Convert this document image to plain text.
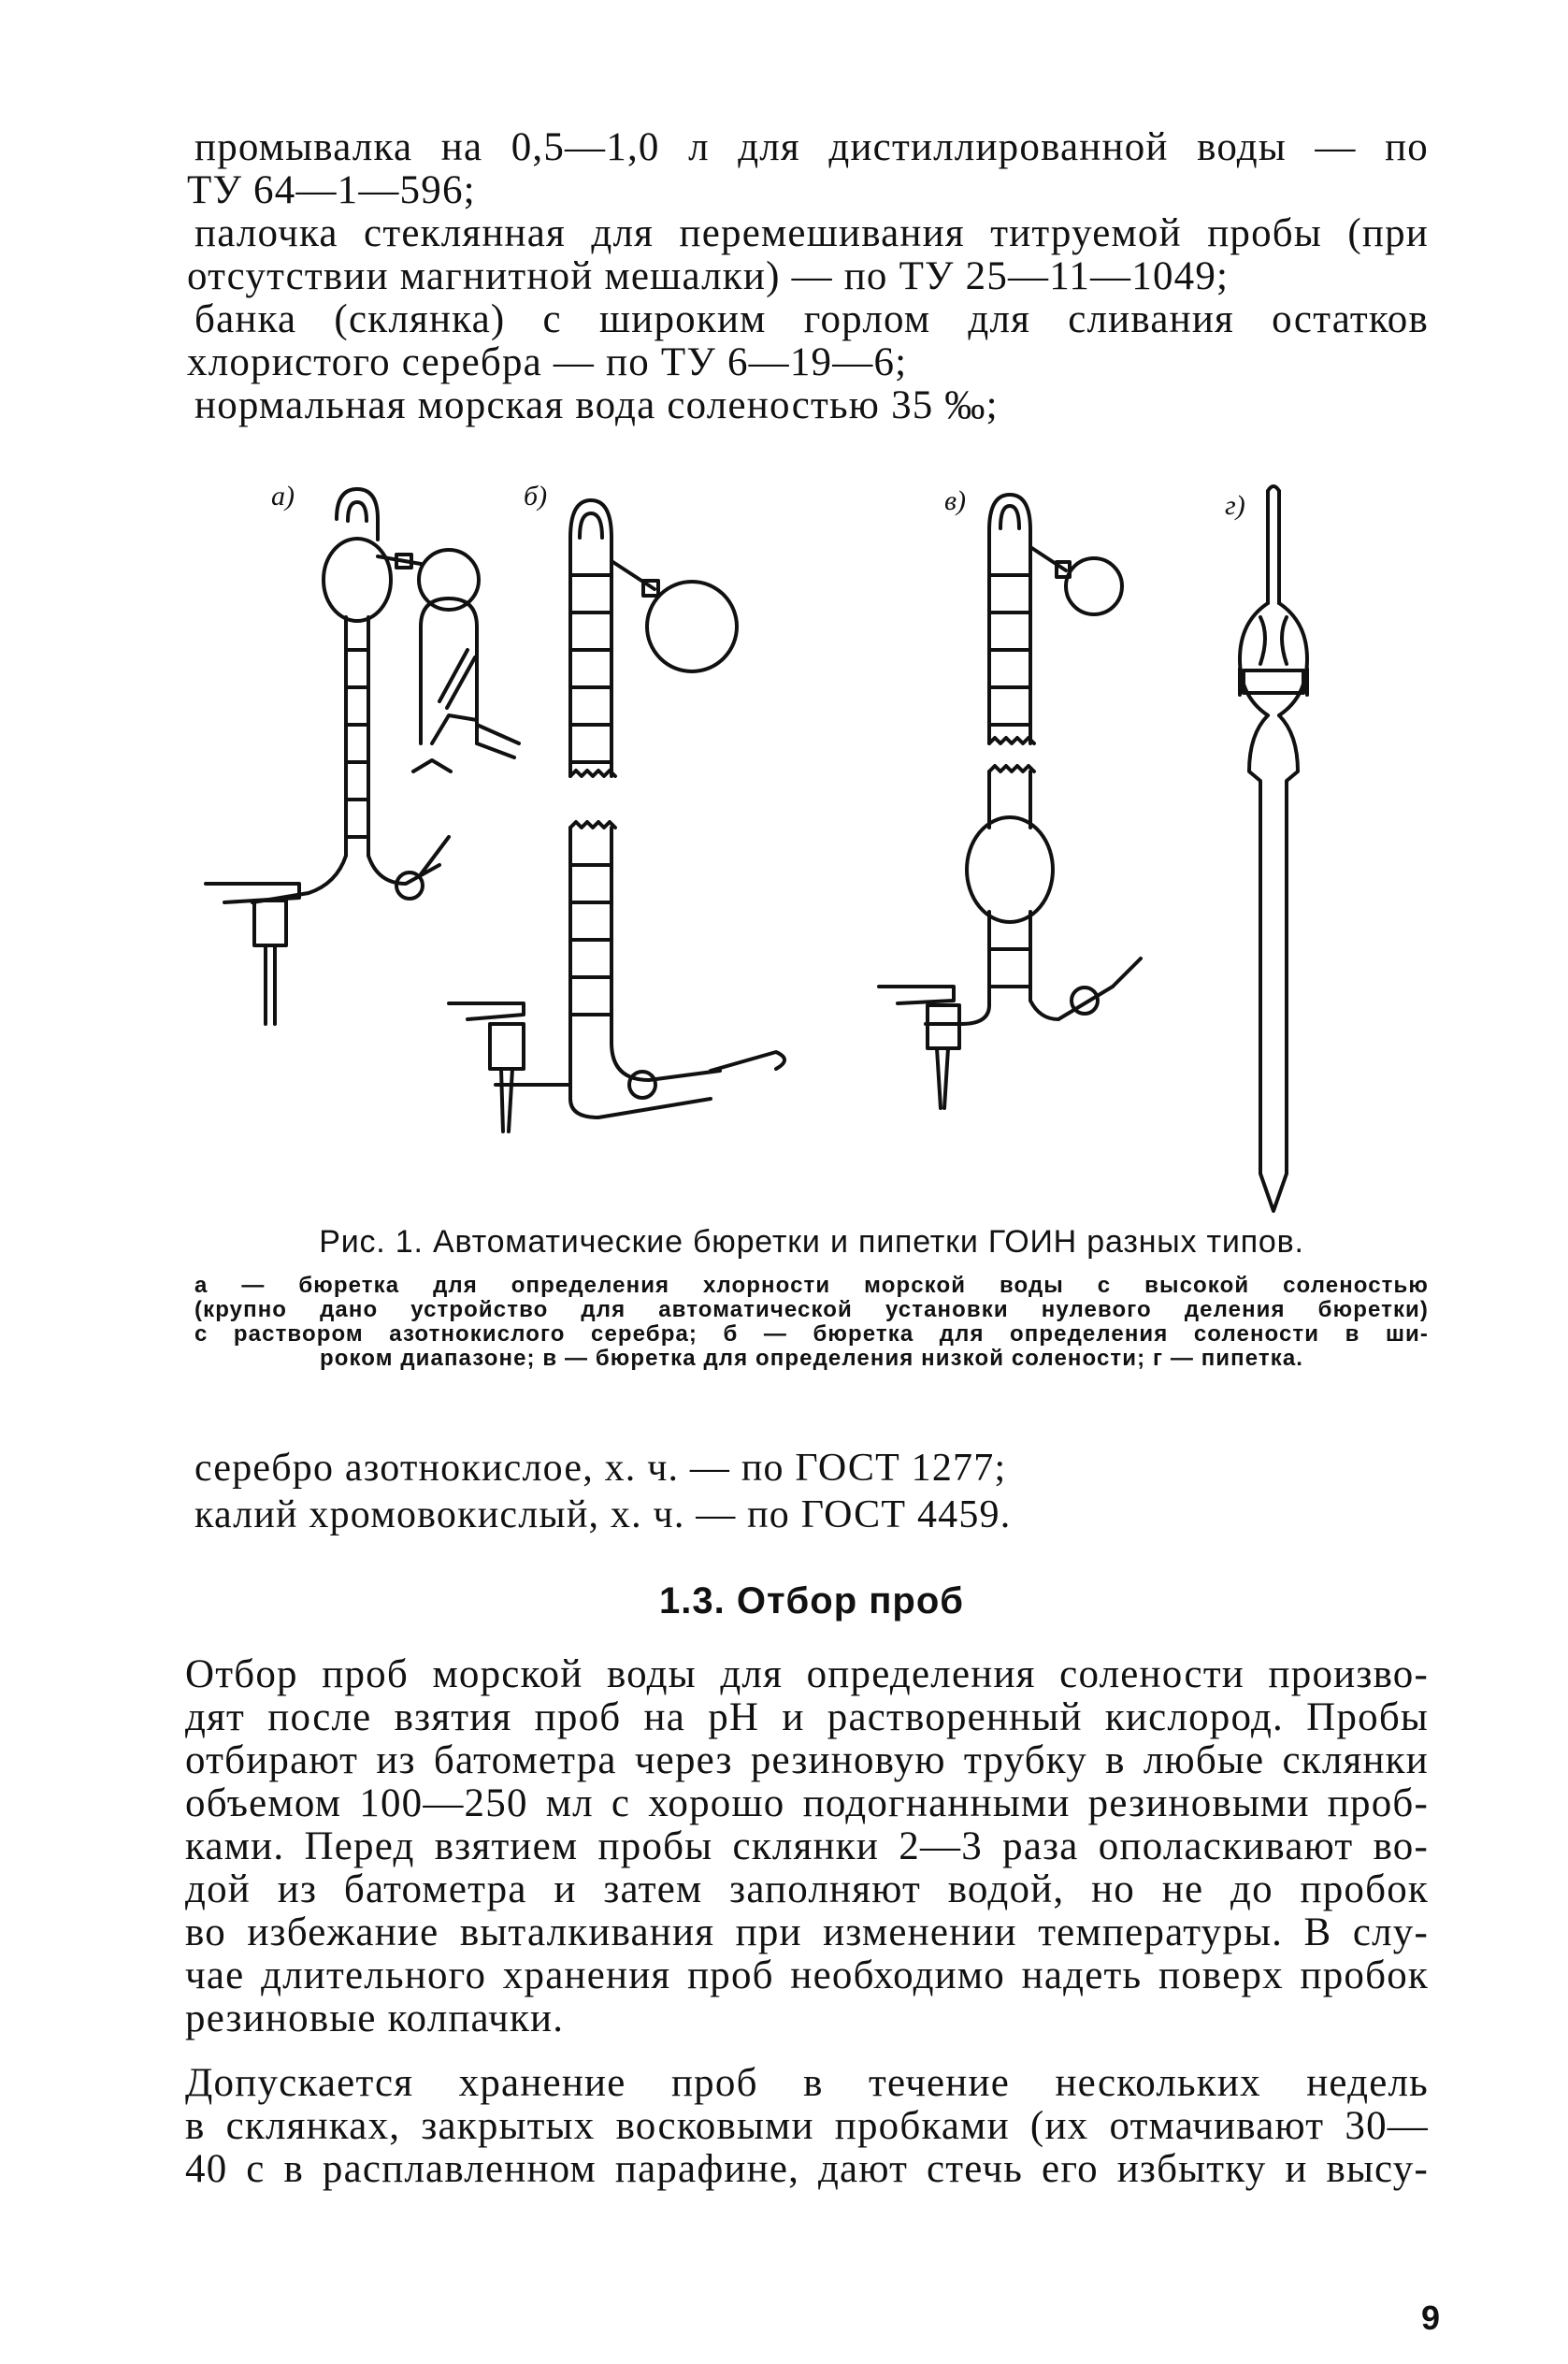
промывалка на 0,5—1,0 л для дистиллированной воды — по
ТУ 64—1—596;
палочка стеклянная для перемешивания титруемой пробы (при
отсутствии магнитной мешалки) — по ТУ 25—11—1049;
банка (склянка) с широким горлом для сливания остатков
хлористого серебра — по ТУ 6—19—6;
нормальная морская вода соленостью 35 ‰;
а)	б)	в)	г)
Рис. 1. Автоматические бюретки и пипетки ГОИН разных типов.
а — бюретка для определения хлорности морской воды с высокой соленостью
(крупно дано устройство для автоматической установки нулевого деления бюретки)
с раствором азотнокислого серебра; б — бюретка для определения солености в ши-
роком диапазоне; в — бюретка для определения низкой солености; г — пипетка.
серебро азотнокислое, х. ч. — по ГОСТ 1277;
калий хромовокислый, х. ч. — по ГОСТ 4459.
1.3. Отбор проб
Отбор проб морской воды для определения солености произво-
дят после взятия проб на pH и растворенный кислород. Пробы
отбирают из батометра через резиновую трубку в любые склянки
объемом 100—250 мл с хорошо подогнанными резиновыми проб-
ками. Перед взятием пробы склянки 2—3 раза ополаскивают во-
дой из батометра и затем заполняют водой, но не до пробок
во избежание выталкивания при изменении температуры. В слу-
чае длительного хранения проб необходимо надеть поверх пробок
резиновые колпачки.
Допускается хранение проб в течение нескольких недель
в склянках, закрытых восковыми пробками (их отмачивают 30—
40 с в расплавленном парафине, дают стечь его избытку и высу-
9
